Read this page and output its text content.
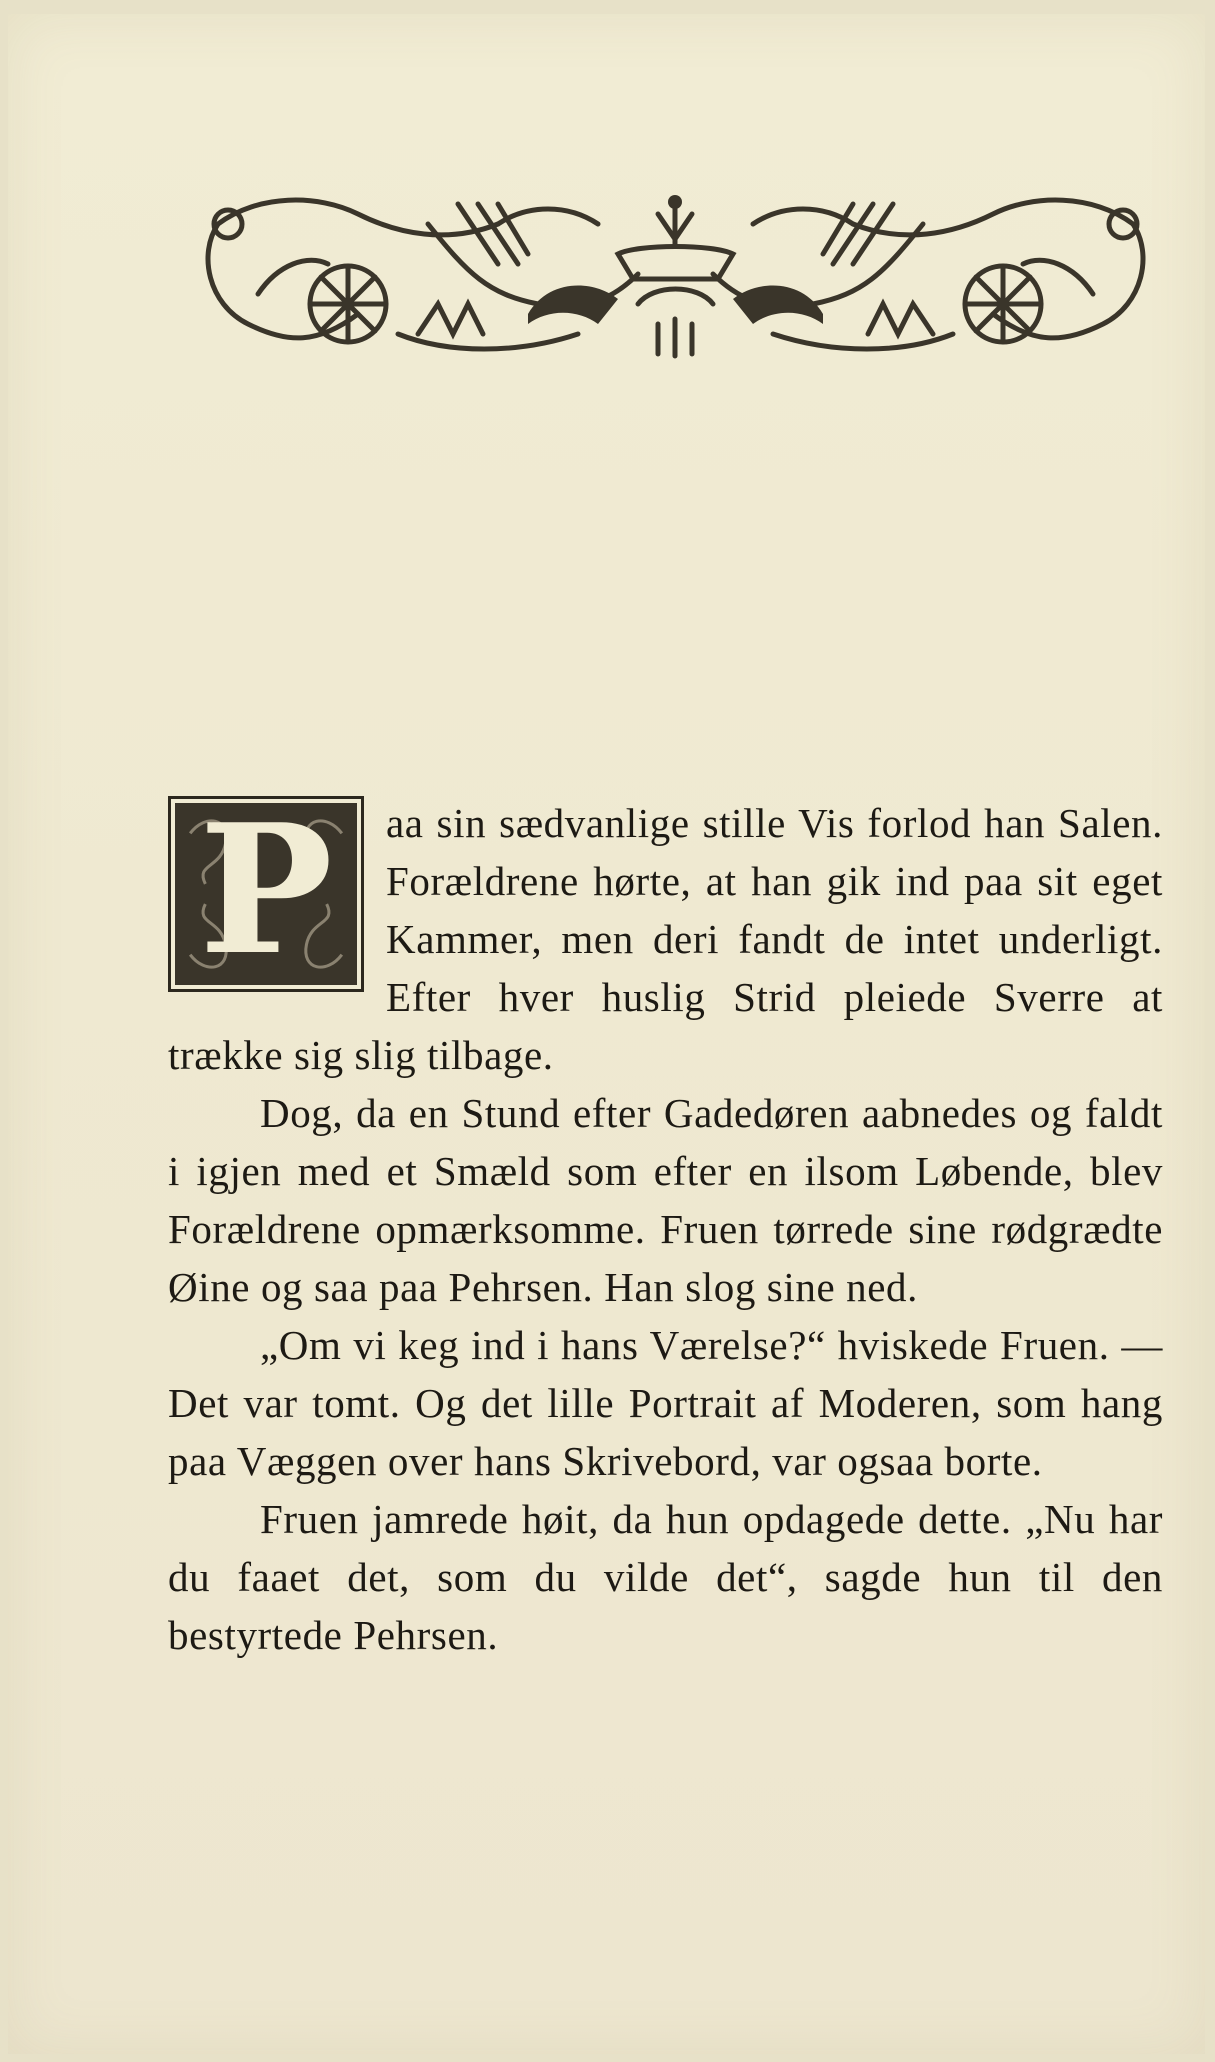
P	aa sin sædvanlige stille Vis forlod han Salen. Forældrene hørte, at han gik ind paa sit eget Kammer, men deri fandt de intet underligt. Efter hver huslig Strid pleiede Sverre at trække sig slig tilbage.

Dog, da en Stund efter Gadedøren aabnedes og faldt i igjen med et Smæld som efter en ilsom Løbende, blev Forældrene opmærksomme. Fruen tørrede sine rødgrædte Øine og saa paa Pehrsen. Han slog sine ned.

„Om vi keg ind i hans Værelse?“ hviskede Fruen. — Det var tomt. Og det lille Portrait af Moderen, som hang paa Væggen over hans Skrivebord, var ogsaa borte.

Fruen jamrede høit, da hun opdagede dette. „Nu har du faaet det, som du vilde det“, sagde hun til den bestyrtede Pehrsen.
